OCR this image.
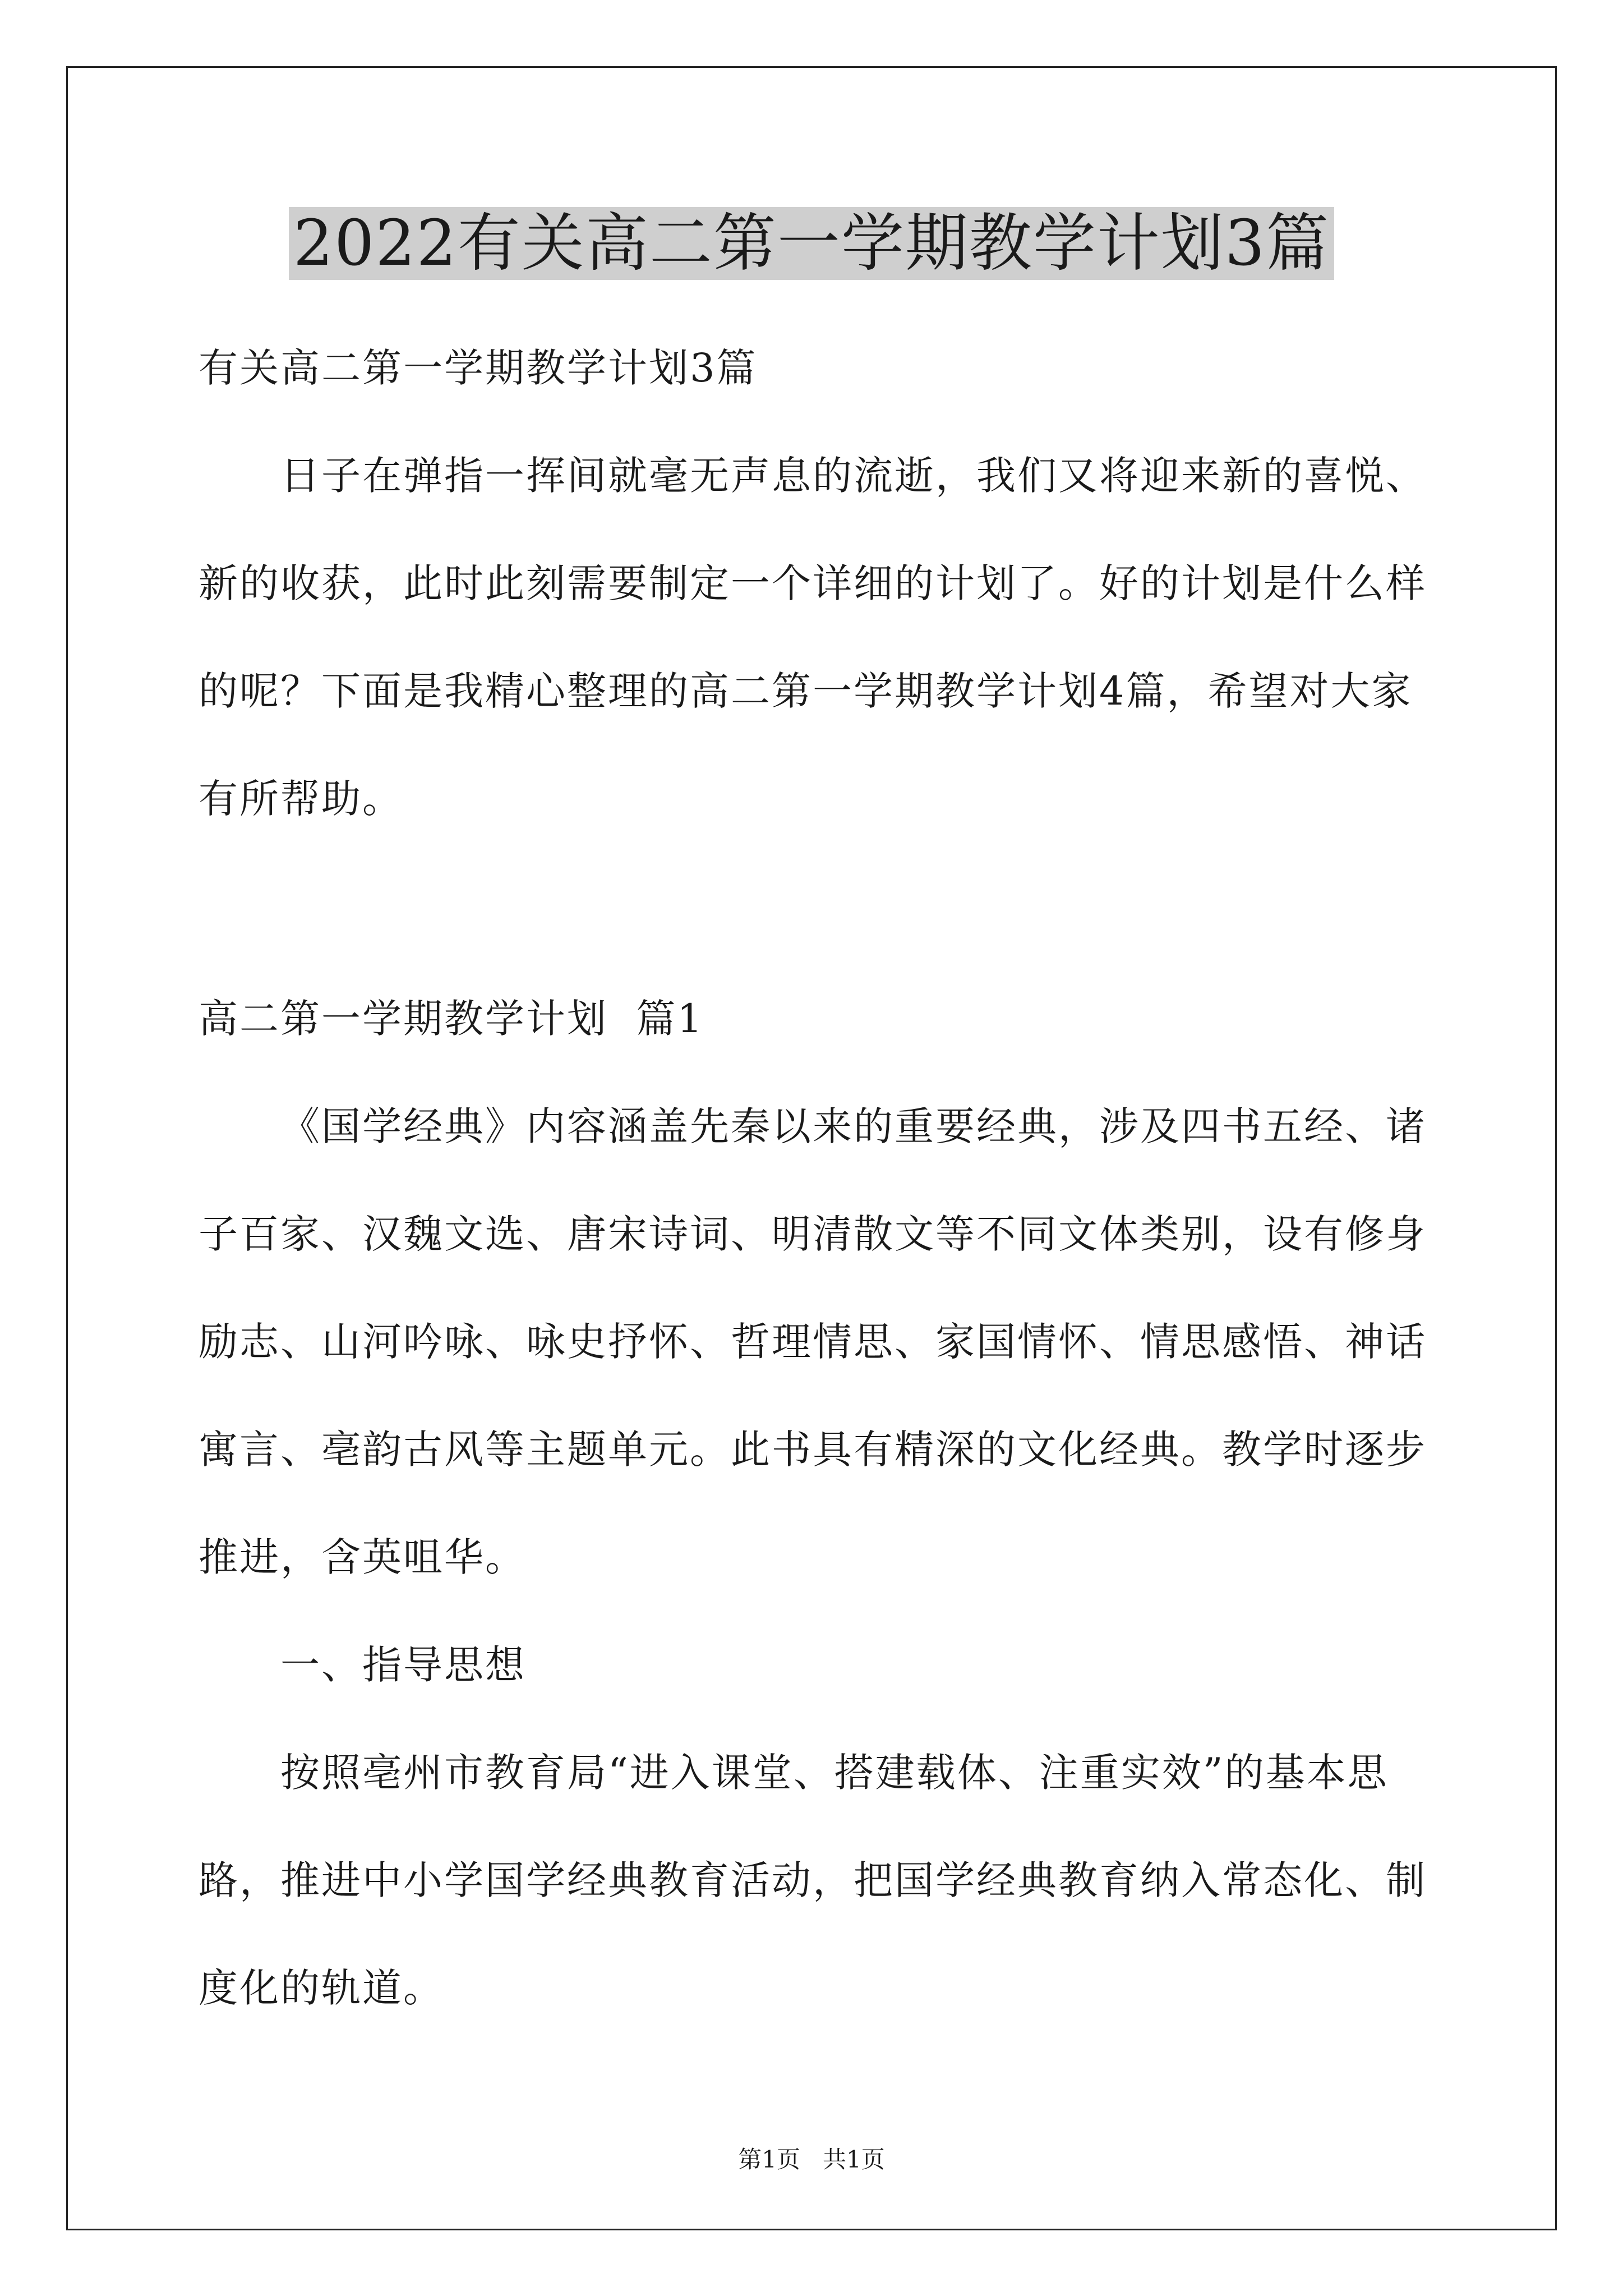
2022有关高二第一学期教学计划3篇

有关高二第一学期教学计划3篇

日子在弹指一挥间就毫无声息的流逝，我们又将迎来新的喜悦、

新的收获，此时此刻需要制定一个详细的计划了。好的计划是什么样

的呢？下面是我精心整理的高二第一学期教学计划4篇，希望对大家

有所帮助。

高二第一学期教学计划  篇1

《国学经典》内容涵盖先秦以来的重要经典，涉及四书五经、诸

子百家、汉魏文选、唐宋诗词、明清散文等不同文体类别，设有修身

励志、山河吟咏、咏史抒怀、哲理情思、家国情怀、情思感悟、神话

寓言、亳韵古风等主题单元。此书具有精深的文化经典。教学时逐步

推进，含英咀华。

一、指导思想

按照亳州市教育局“进入课堂、搭建载体、注重实效”的基本思

路，推进中小学国学经典教育活动，把国学经典教育纳入常态化、制

度化的轨道。

第1页 共1页
